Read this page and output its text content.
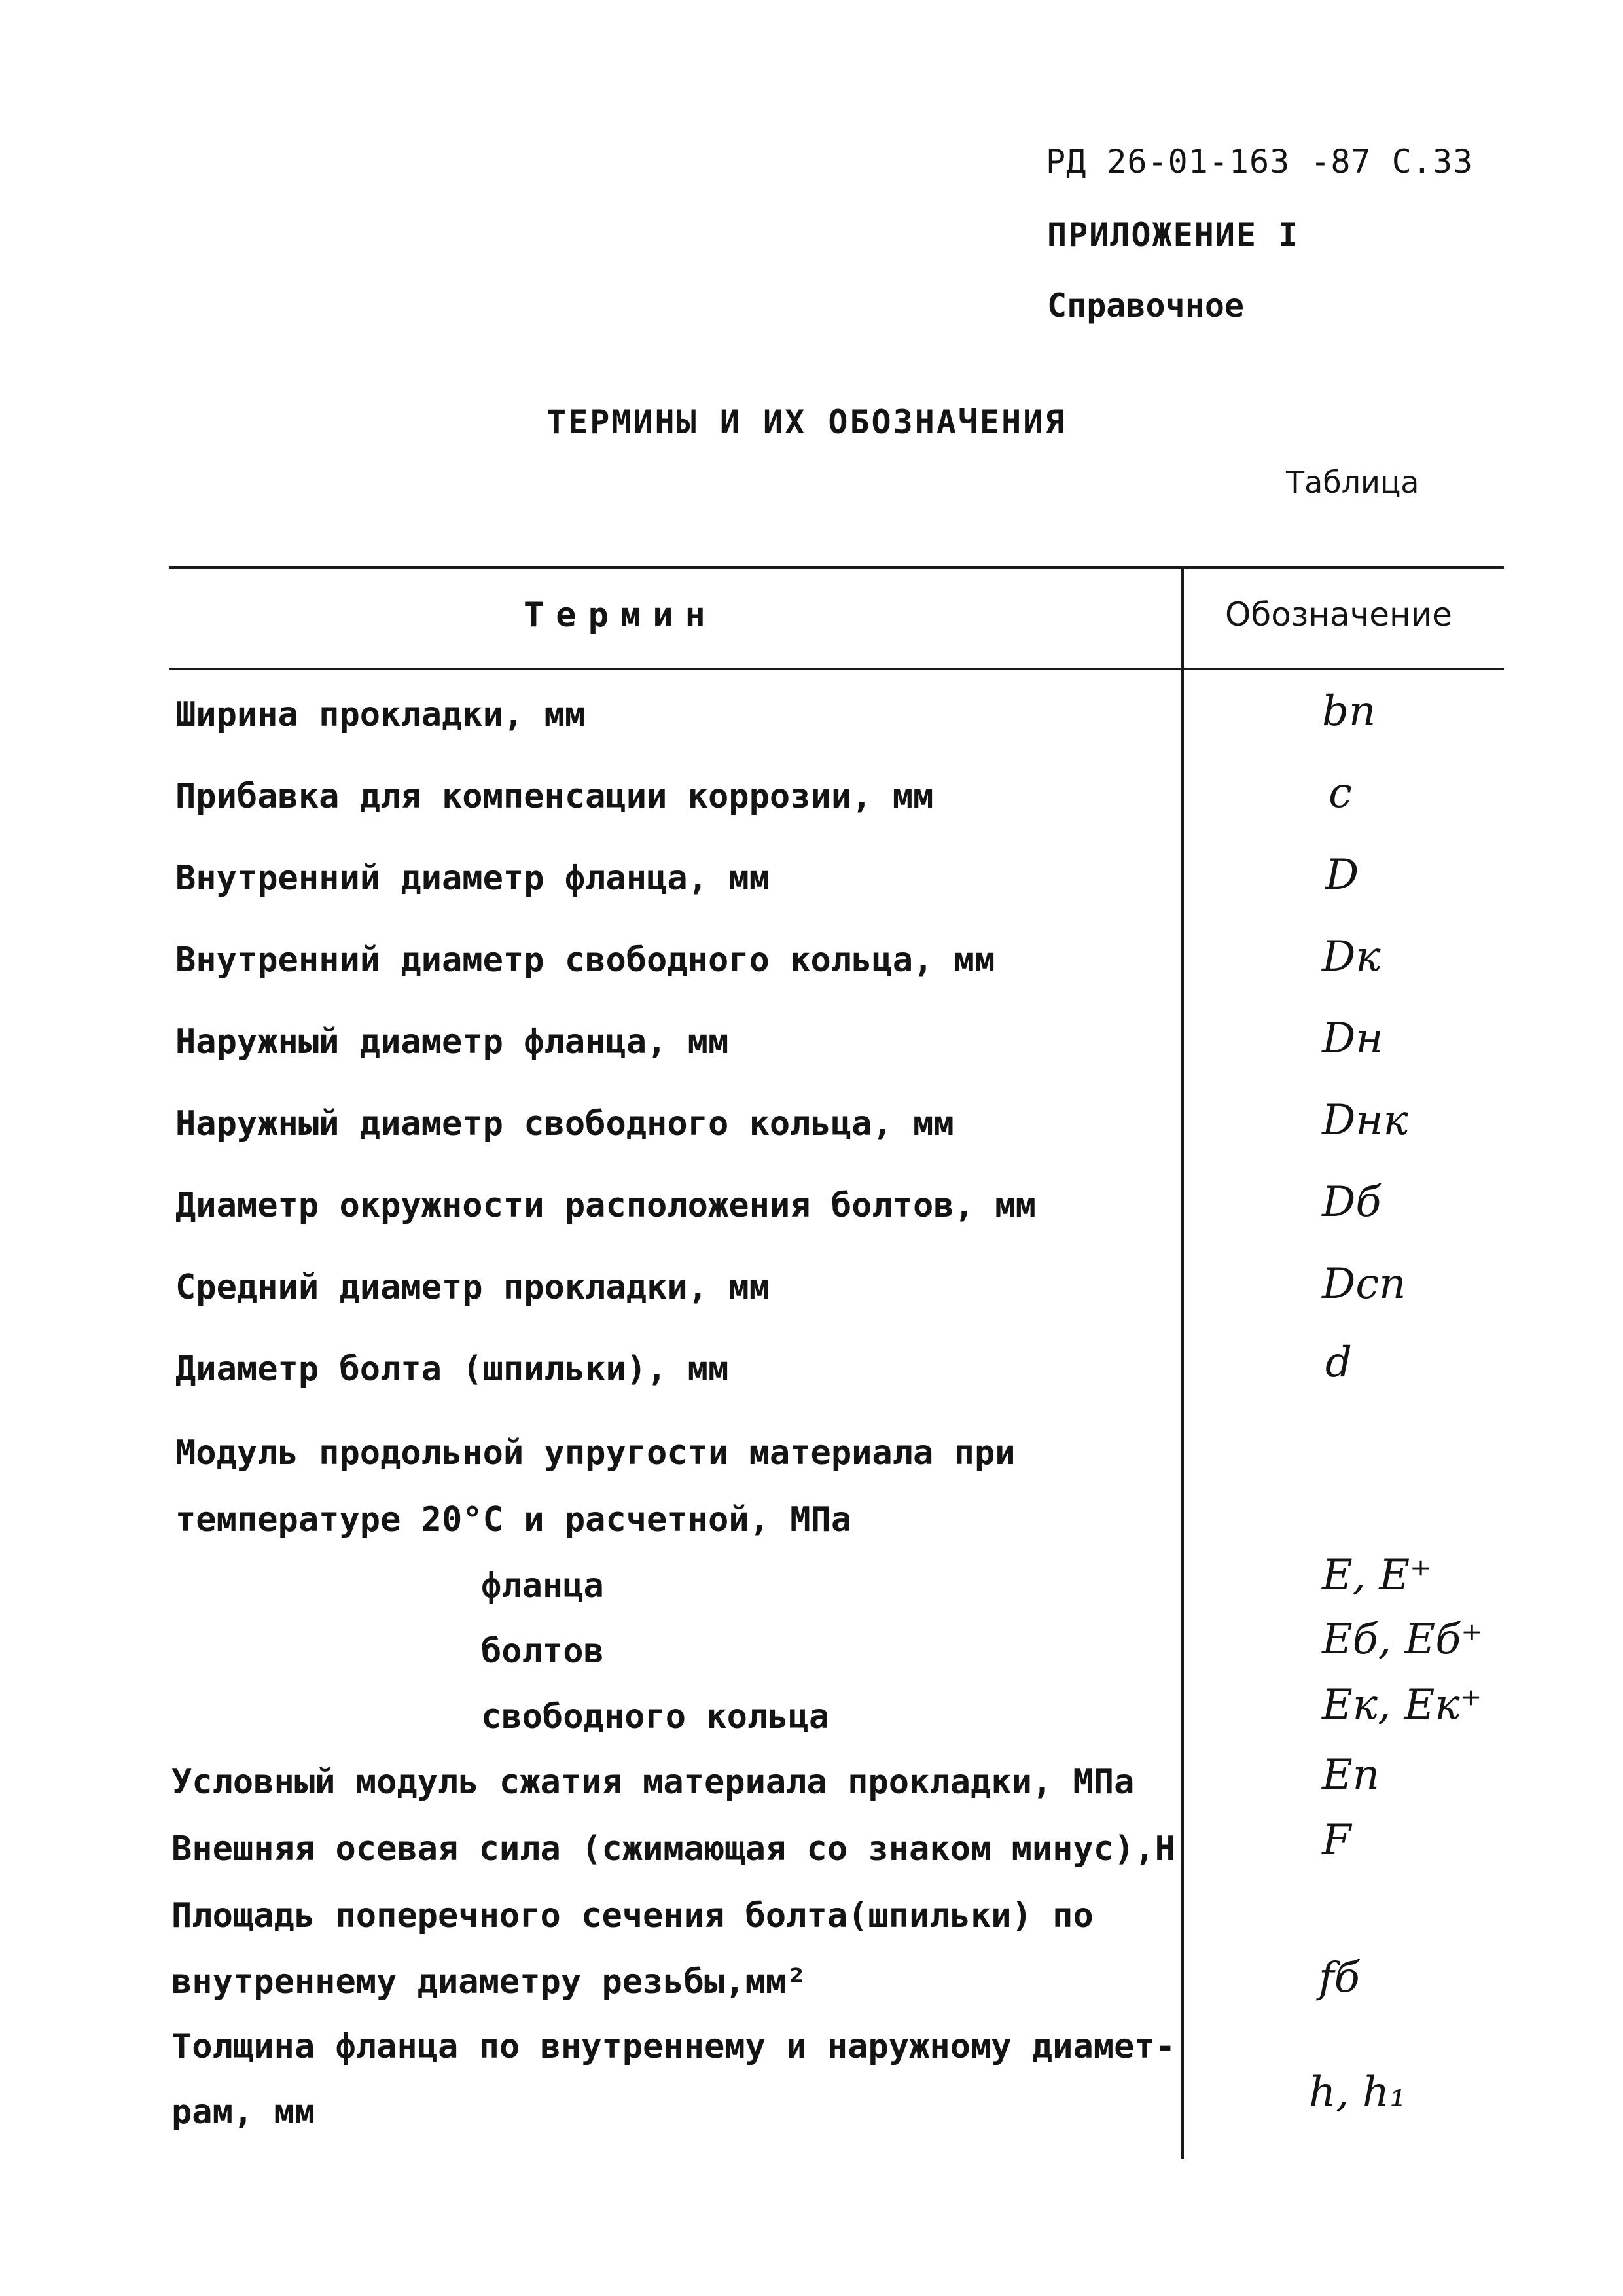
РД 26-01-163 -87 С.33
ПРИЛОЖЕНИЕ I
Справочное
ТЕРМИНЫ И ИХ ОБОЗНАЧЕНИЯ
Таблица
Термин	Обозначение
Ширина прокладки, мм	bп
Прибавка для компенсации коррозии, мм	c
Внутренний диаметр фланца, мм	D
Внутренний диаметр свободного кольца, мм	Dк
Наружный диаметр фланца, мм	Dн
Наружный диаметр свободного кольца, мм	Dнк
Диаметр окружности расположения болтов, мм	Dб
Средний диаметр прокладки, мм	Dсп
Диаметр болта (шпильки), мм	d
Модуль продольной упругости материала при
температуре 20°С и расчетной, МПа
фланца	E, E⁺
болтов	Eб, Eб⁺
свободного кольца	Eк, Eк⁺
Условный модуль сжатия материала прокладки, МПа	Eп
Внешняя осевая сила (сжимающая со знаком минус),Н	F
Площадь поперечного сечения болта(шпильки) по
внутреннему диаметру резьбы,мм²	fб
Толщина фланца по внутреннему и наружному диамет-
рам, мм	h, h₁
